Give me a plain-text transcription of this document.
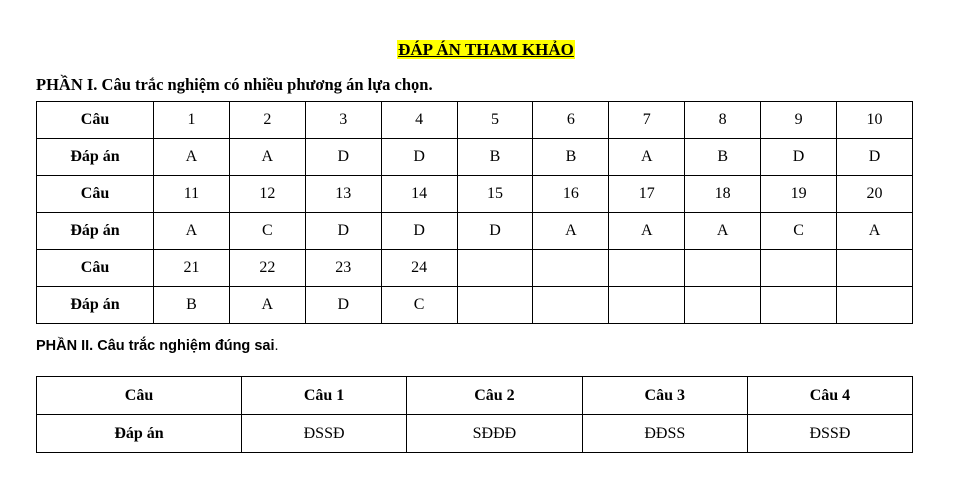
ĐÁP ÁN THAM KHẢO
PHẦN I. Câu trắc nghiệm có nhiều phương án lựa chọn.
Câu	1	2	3	4	5	6	7	8	9	10
Đáp án	A	A	D	D	B	B	A	B	D	D
Câu	11	12	13	14	15	16	17	18	19	20
Đáp án	A	C	D	D	D	A	A	A	C	A
Câu	21	22	23	24						
Đáp án	B	A	D	C						
PHẦN II. Câu trắc nghiệm đúng sai.
Câu	Câu 1	Câu 2	Câu 3	Câu 4
Đáp án	ĐSSĐ	SĐĐĐ	ĐĐSS	ĐSSĐ
